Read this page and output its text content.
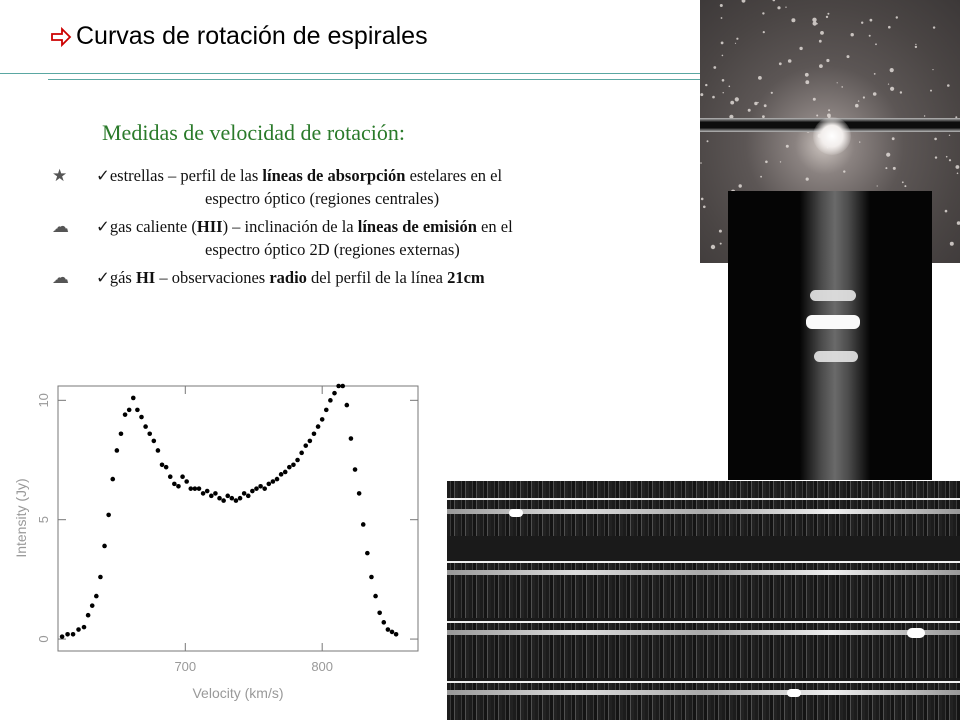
Curvas de rotación de espirales
Medidas de velocidad de rotación:
★ ✓estrellas – perfil de las líneas de absorpción estelares en el
espectro óptico (regiones centrales)
☁ ✓gas caliente (HII) – inclinación de la líneas de emisión en el
espectro óptico 2D (regiones externas)
☁ ✓gás HI – observaciones radio del perfil de la línea 21cm
700	800
0
5
10
Velocity (km/s)
Intensity (Jy)
